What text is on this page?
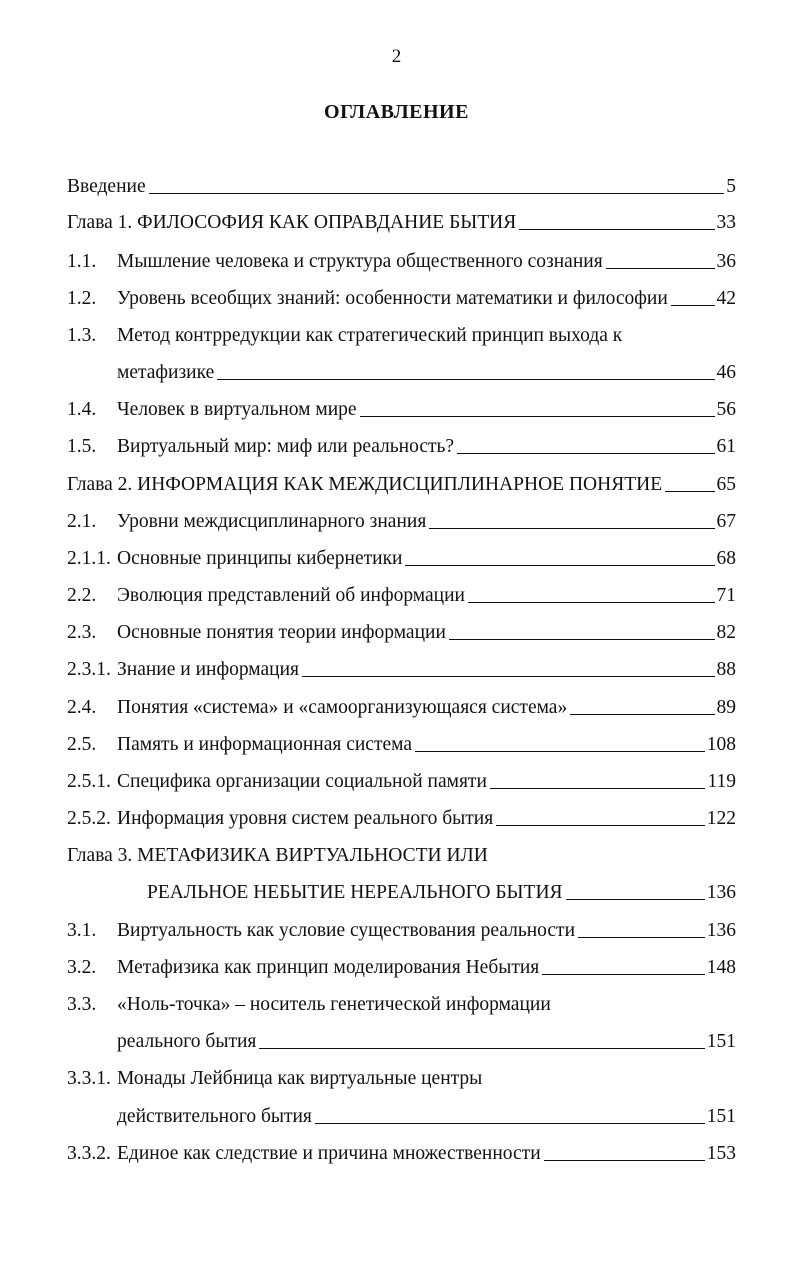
2
ОГЛАВЛЕНИЕ
Введение	5
Глава 1. ФИЛОСОФИЯ КАК ОПРАВДАНИЕ БЫТИЯ	33
1.1.	Мышление человека и структура общественного сознания	36
1.2.	Уровень всеобщих знаний: особенности математики и философии 42
1.3.	Метод контрредукции как стратегический принцип выхода к
метафизике	46
1.4.	Человек в виртуальном мире	56
1.5.	Виртуальный мир: миф или реальность?	61
Глава 2. ИНФОРМАЦИЯ КАК МЕЖДИСЦИПЛИНАРНОЕ ПОНЯТИЕ	65
2.1.	Уровни междисциплинарного знания	67
2.1.1. Основные принципы кибернетики	68
2.2.	Эволюция представлений об информации	71
2.3.	Основные понятия теории информации	82
2.3.1. Знание и информация	88
2.4.	Понятия «система» и «самоорганизующаяся система»	89
2.5.	Память и информационная система	108
2.5.1. Специфика организации социальной памяти	119
2.5.2. Информация уровня систем реального бытия	122
Глава 3. МЕТАФИЗИКА ВИРТУАЛЬНОСТИ ИЛИ
РЕАЛЬНОЕ НЕБЫТИЕ НЕРЕАЛЬНОГО БЫТИЯ	136
3.1.	Виртуальность как условие существования реальности	136
3.2.	Метафизика как принцип моделирования Небытия	148
3.3.	«Ноль-точка» – носитель генетической информации
реального бытия	151
3.3.1. Монады Лейбница как виртуальные центры
действительного бытия	151
3.3.2. Единое как следствие и причина множественности	153
